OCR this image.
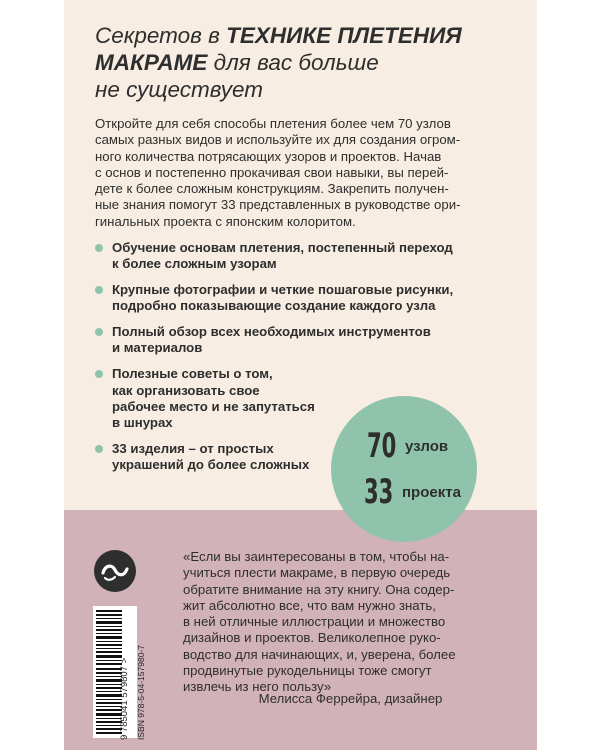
Секретов в ТЕХНИКЕ ПЛЕТЕНИЯ
МАКРАМЕ для вас больше
не существует

Откройте для себя способы плетения более чем 70 узлов
самых разных видов и используйте их для создания огром-
ного количества потрясающих узоров и проектов. Начав
с основ и постепенно прокачивая свои навыки, вы перей-
дете к более сложным конструкциям. Закрепить получен-
ные знания помогут 33 представленных в руководстве ори-
гинальных проекта с японским колоритом.

Обучение основам плетения, постепенный переход
к более сложным узорам
Крупные фотографии и четкие пошаговые рисунки,
подробно показывающие создание каждого узла
Полный обзор всех необходимых инструментов
и материалов
Полезные советы о том,
как организовать свое
рабочее место и не запутаться
в шнурах
33 изделия – от простых
украшений до более сложных	70 узлов
33 проекта
ISBN 978-5-04-157980-7
9 785041 579807 >

«Если вы заинтересованы в том, чтобы на-
учиться плести макраме, в первую очередь
обратите внимание на эту книгу. Она содер-
жит абсолютно все, что вам нужно знать,
в ней отличные иллюстрации и множество
дизайнов и проектов. Великолепное руко-
водство для начинающих, и, уверена, более
продвинутые рукодельницы тоже смогут
извлечь из него пользу»

Мелисса Феррейра, дизайнер
